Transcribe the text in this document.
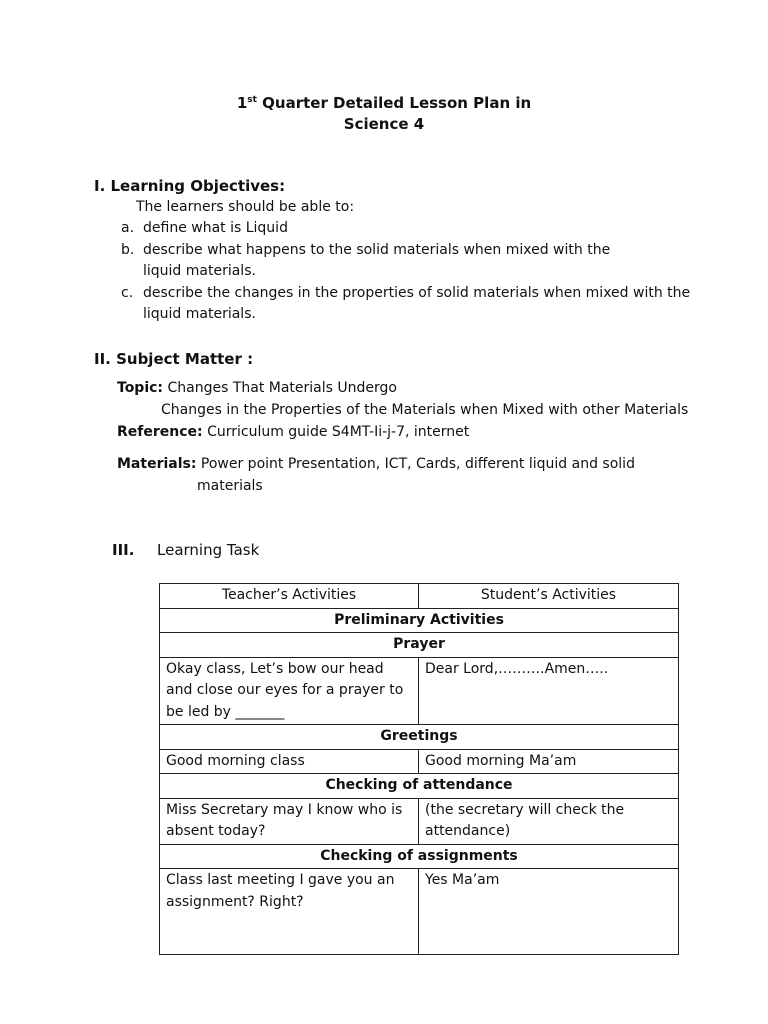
1st Quarter Detailed Lesson Plan in
Science 4
I. Learning Objectives:
The learners should be able to:
a. define what is Liquid
b. describe what happens to the solid materials when mixed with the
liquid materials.
c. describe the changes in the properties of solid materials when mixed with the
liquid materials.
II. Subject Matter :
Topic: Changes That Materials Undergo
Changes in the Properties of the Materials when Mixed with other Materials
Reference: Curriculum guide S4MT-Ii-j-7, internet
Materials: Power point Presentation, ICT, Cards, different liquid and solid
materials
III. Learning Task
Teacher’s Activities	Student’s Activities
Preliminary Activities	
Prayer	
Okay class, Let’s bow our head and close our eyes for a prayer to be led by _______	Dear Lord,……….Amen…..
Greetings	
Good morning class	Good morning Ma’am
Checking of attendance	
Miss Secretary may I know who is absent today?	(the secretary will check the attendance)
Checking of assignments	
Class last meeting I gave you an assignment? Right?	Yes Ma’am
